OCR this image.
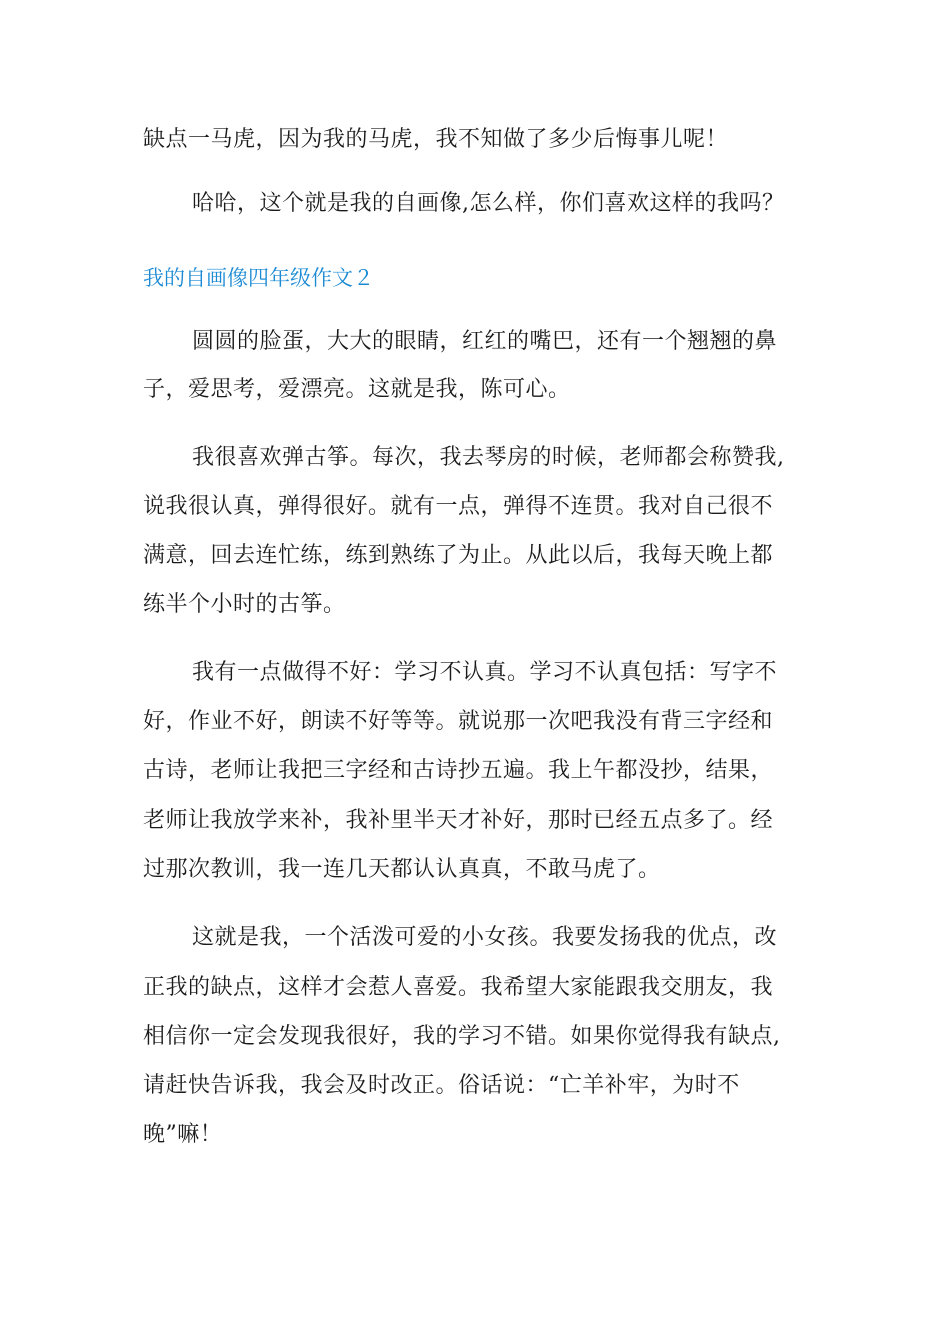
缺点一马虎，因为我的马虎，我不知做了多少后悔事儿呢！

哈哈，这个就是我的自画像,怎么样，你们喜欢这样的我吗？

我的自画像四年级作文２

圆圆的脸蛋，大大的眼睛，红红的嘴巴，还有一个翘翘的鼻

子，爱思考，爱漂亮。这就是我，陈可心。

我很喜欢弹古筝。每次，我去琴房的时候，老师都会称赞我,

说我很认真，弹得很好。就有一点，弹得不连贯。我对自己很不

满意，回去连忙练，练到熟练了为止。从此以后，我每天晚上都

练半个小时的古筝。

我有一点做得不好：学习不认真。学习不认真包括：写字不

好，作业不好，朗读不好等等。就说那一次吧我没有背三字经和

古诗，老师让我把三字经和古诗抄五遍。我上午都没抄，结果，

老师让我放学来补，我补里半天才补好，那时已经五点多了。经

过那次教训，我一连几天都认认真真，不敢马虎了。

这就是我，一个活泼可爱的小女孩。我要发扬我的优点，改

正我的缺点，这样才会惹人喜爱。我希望大家能跟我交朋友，我

相信你一定会发现我很好，我的学习不错。如果你觉得我有缺点,

请赶快告诉我，我会及时改正。俗话说：“亡羊补牢，为时不

晚”嘛！
